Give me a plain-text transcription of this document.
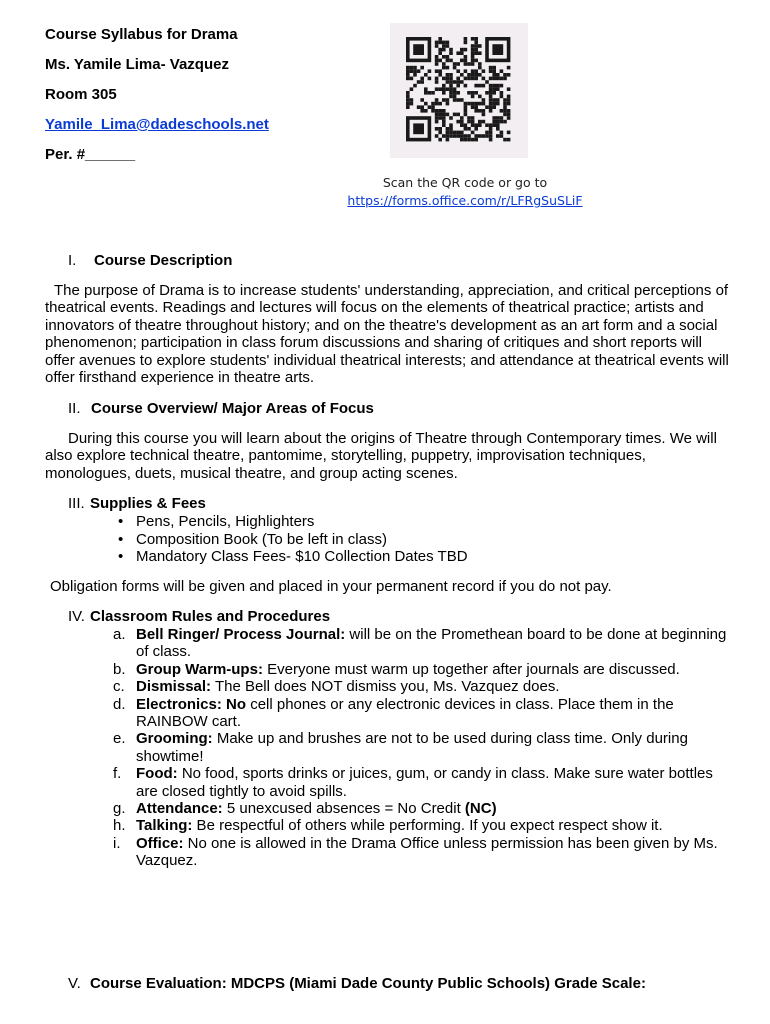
Course Syllabus for Drama
Ms. Yamile Lima- Vazquez
Room 305
Yamile_Lima@dadeschools.net
Per. #______
Scan the QR code or go to
https://forms.office.com/r/LFRgSuSLiF
I. Course Description
The purpose of Drama is to increase students' understanding, appreciation, and critical perceptions of theatrical events. Readings and lectures will focus on the elements of theatrical practice; artists and innovators of theatre throughout history; and on the theatre's development as an art form and a social phenomenon; participation in class forum discussions and sharing of critiques and short reports will offer avenues to explore students' individual theatrical interests; and attendance at theatrical events will offer firsthand experience in theatre arts.
II. Course Overview/ Major Areas of Focus
During this course you will learn about the origins of Theatre through Contemporary times. We will also explore technical theatre, pantomime, storytelling, puppetry, improvisation techniques, monologues, duets, musical theatre, and group acting scenes.
III. Supplies & Fees
• Pens, Pencils, Highlighters
• Composition Book (To be left in class)
• Mandatory Class Fees- $10 Collection Dates TBD
Obligation forms will be given and placed in your permanent record if you do not pay.
IV. Classroom Rules and Procedures
a. Bell Ringer/ Process Journal: will be on the Promethean board to be done at beginning of class.
b. Group Warm-ups: Everyone must warm up together after journals are discussed.
c. Dismissal: The Bell does NOT dismiss you, Ms. Vazquez does.
d. Electronics: No cell phones or any electronic devices in class. Place them in the RAINBOW cart.
e. Grooming: Make up and brushes are not to be used during class time. Only during showtime!
f. Food: No food, sports drinks or juices, gum, or candy in class. Make sure water bottles are closed tightly to avoid spills.
g. Attendance: 5 unexcused absences = No Credit (NC)
h. Talking: Be respectful of others while performing. If you expect respect show it.
i. Office: No one is allowed in the Drama Office unless permission has been given by Ms. Vazquez.
V. Course Evaluation: MDCPS (Miami Dade County Public Schools) Grade Scale:
